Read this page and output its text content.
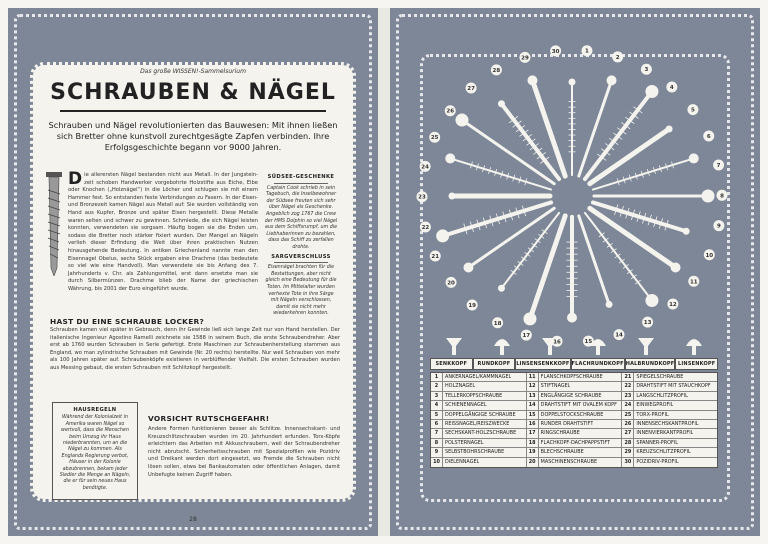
Das große WISSEN!-Sammelsurium
SCHRAUBEN & NÄGEL
Schrauben und Nägel revolutionierten das Bauwesen: Mit ihnen ließen sich Bretter ohne kunstvoll zurechtgesägte Zapfen verbinden. Ihre Erfolgsgeschichte begann vor 9000 Jahren.
Die allerersten Nägel bestanden nicht aus Metall. In der Jungsteinzeit schoben Handwerker vorgebohrte Holzstifte aus Eiche, Eibe oder Knochen („Holznägel“) in die Löcher und schlugen sie mit einem Hammer fest. So entstanden feste Verbindungen zu Fasern. In der Eisen- und Bronzezeit kamen Nägel aus Metall auf: Sie wurden vollständig von Hand aus Kupfer, Bronze und später Eisen hergestellt. Diese Metalle waren selten und schwer zu gewinnen. Schmiede, die sich Nägel leisten konnten, verwendeten sie sorgsam. Häufig bogen sie die Enden um, sodass die Bretter noch stärker fixiert wurden. Der Mangel an Nägeln verlieh dieser Erfindung die Weit über ihren praktischen Nutzen hinausgehende Bedeutung. In antiken Griechenland nannte man den Eisennagel Obelus, sechs Stück ergaben eine Drachme (das bedeutete so viel wie eine Handvoll). Man verwendete sie bis Anfang des 7. Jahrhunderts v. Chr. als Zahlungsmittel, erst dann ersetzte man sie durch Silbermünzen. Drachme blieb der Name der griechischen Währung, bis 2001 der Euro eingeführt wurde.
SÜDSEE-GESCHENKE

Captain Cook schrieb in sein Tagebuch, die Inselbewohner der Südsee freuten sich sehr über Nägel als Geschenke. Angeblich zog 1767 die Crew der HMS Dolphin so viel Nägel aus dem Schiffsrumpf, um die Liebhaberinnen zu bezahlen, dass das Schiff zu zerfallen drohte.

SARGVERSCHLUSS

Eisennägel brachten für die Bestattungen, aber nicht gleich eine Bedeutung für die Toten. Im Mittelalter wurden verhexte Tote in ihre Särge mit Nägeln verschlossen, damit sie nicht mehr wiederkehren konnten.

HAST DU EINE SCHRAUBE LOCKER?
Schrauben kamen viel später in Gebrauch, denn ihr Gewinde ließ sich lange Zeit nur von Hand herstellen. Der italienische Ingenieur Agostino Ramelli zeichnete sie 1588 in seinem Buch, die erste Schraubendreher. Aber erst ab 1760 wurden Schrauben in Serie gefertigt. Erste Maschinen zur Schraubenherstellung stammen aus England, wo man zylindrische Schrauben mit Gewinde (Nr. 20 rechts) herstellte. Nur weil Schrauben von mehr als 100 Jahren später auf. Schraubenköpfe existieren in verblüffender Vielfalt. Die ersten Schrauben wurden aus Messing gebaut, die ersten Schrauben mit Schlitzkopf hergestellt.
HAUSREGELN

Während der Kolonialzeit in Amerika waren Nägel so wertvoll, dass die Menschen beim Umzug ihr Haus niederbrannten, um an die Nägel zu kommen. Als Englands Regierung verbot, Häuser in der Kolonie abzubrennen, bekam jeder Siedler die Menge an Nägeln, die er für sein neues Haus benötigte.

VORSICHT RUTSCHGEFAHR!
Andere Formen funktionieren besser als Schlitze. Innensechskant- und Kreuzschlitzschrauben wurden im 20. Jahrhundert erfunden. Torx-Köpfe erleichtern das Arbeiten mit Akkuschraubern, weil der Schraubendreher nicht abrutscht. Sicherheitsschrauben mit Spezialprofilen wie Pozidriv und Dreikant werden dort eingesetzt, wo Fremde die Schrauben nicht lösen sollen, etwa bei Bankautomaten oder öffentlichen Anlagen, damit Unbefugte keinen Zugriff haben.
28
1
2
3
4
5
6
7
8
9
10
11
12
13
14
15
16
17
18
19
20
21
22
23
24
25
26
27
28
29
30
SENKKOPF	RUNDKOPF	LINSENSENKKOPF FLACHRUNDKOPF HALBRUNDKOPF LINSENKOPF
1	ANKERNAGEL/KAMMNAGEL	11	FLANSCHKOPFSCHRAUBE	21	SPIEGELSCHRAUBE
2	HOLZNAGEL	12	STIFTNAGEL	22	DRAHTSTIFT MIT STAUCHKOPF
3	TELLERKOPFSCHRAUBE	13	ENGLÄNGIGE SCHRAUBE	23	LANGSCHLITZPROFIL
4	SCHIENENNAGEL	14	DRAHTSTIFT MIT OVALEM KOPF	24	EINWEGPROFIL
5	DOPPELGÄNGIGE SCHRAUBE	15	DOPPELSTOCKSCHRAUBE	25	TORX-PROFIL
6	REISSNAGEL/REISZWECKE	16	RUNDER DRAHTSTIFT	26	INNENSECHSKANTPROFIL
7	SECHSKANT-HOLZSCHRAUBE	17	RINGSCHRAUBE	27	INNENVIERKANTPROFIL
8	POLSTERNAGEL	18	FLACHKOPF-DACHPAPPSTIFT	28	SPANNER-PROFIL
9	SELBSTBOHRSCHRAUBE	19	BLECHSCHRAUBE	29	KREUZSCHLITZPROFIL
10	DIELENNAGEL	20	MASCHINENSCHRAUBE	30	POZIDRIV-PROFIL
